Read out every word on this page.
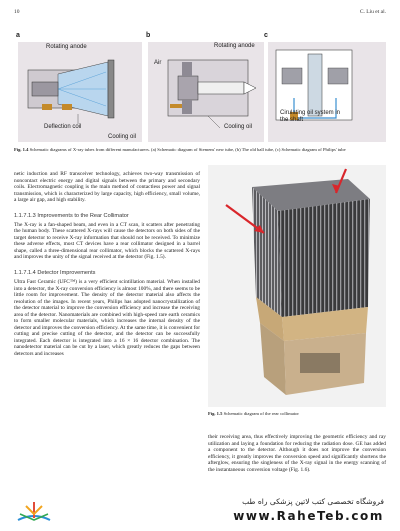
10	C. Liu et al.
a
Rotating anode
Deflection coil
Cooling oil
b
Air
Rotating anode
Cooling oil
c
Cirulating oil system in the shaft
Fig. 1.4 Schematic diagrams of X-ray tubes from different manufacturers. (a) Schematic diagram of Siemens' new tube, (b) The old ball tube, (c) Schematic diagram of Philips' tube
netic induction and RF transceiver technology, achieves two-way transmission of noncontact electric energy and digital signals between the primary and secondary coils. Electromagnetic coupling is the main method of contactless power and signal transmission, which is characterized by large capacity, high efficiency, small volume, a large air gap, and high stability.
1.1.7.1.3 Improvements to the Rear Collimator
The X-ray is a fan-shaped beam, and even in a CT scan, it scatters after penetrating the human body. These scattered X-rays will cause the detectors on both sides of the target detector to receive X-ray information that should not be received. To minimize these adverse effects, most CT devices have a rear collimator designed in a barrel shape, called a three-dimensional rear collimator, which blocks the scattered X-rays and improves the unity of the signal received at the detector (Fig. 1.5).
1.1.7.1.4 Detector Improvements
Ultra Fast Ceramic (UFC™) is a very efficient scintillation material. When installed into a detector, the X-ray conversion efficiency is almost 100%, and there seems to be little room for improvement. The density of the detector material also affects the resolution of the images. In recent years, Philips has adopted nanocrystallization of the detector material to improve the conversion efficiency and increase the receiving area of the detector. Nanomaterials are combined with high-speed rare earth ceramics to form smaller molecular materials, which increases the internal density of the detector and improves the conversion efficiency. At the same time, it is convenient for cutting and precise cutting of the detector, and the detector can be successfully integrated. Each detector is integrated into a 16 × 16 detector combination. The nanodetector material can be cut by a laser, which greatly reduces the gaps between detectors and increases
Fig. 1.5 Schematic diagram of the rear collimator
their receiving area, thus effectively improving the geometric efficiency and ray utilization and laying a foundation for reducing the radiation dose. GE has added a component to the detector. Although it does not improve the conversion efficiency, it greatly improves the conversion speed and significantly shortens the afterglow, ensuring the singleness of the X-ray signal in the energy scanning of the instantaneous conversion voltage (Fig. 1.6).
فروشگاه تخصصی کتب لاتین پزشکی راه طب
www.RaheTeb.com
